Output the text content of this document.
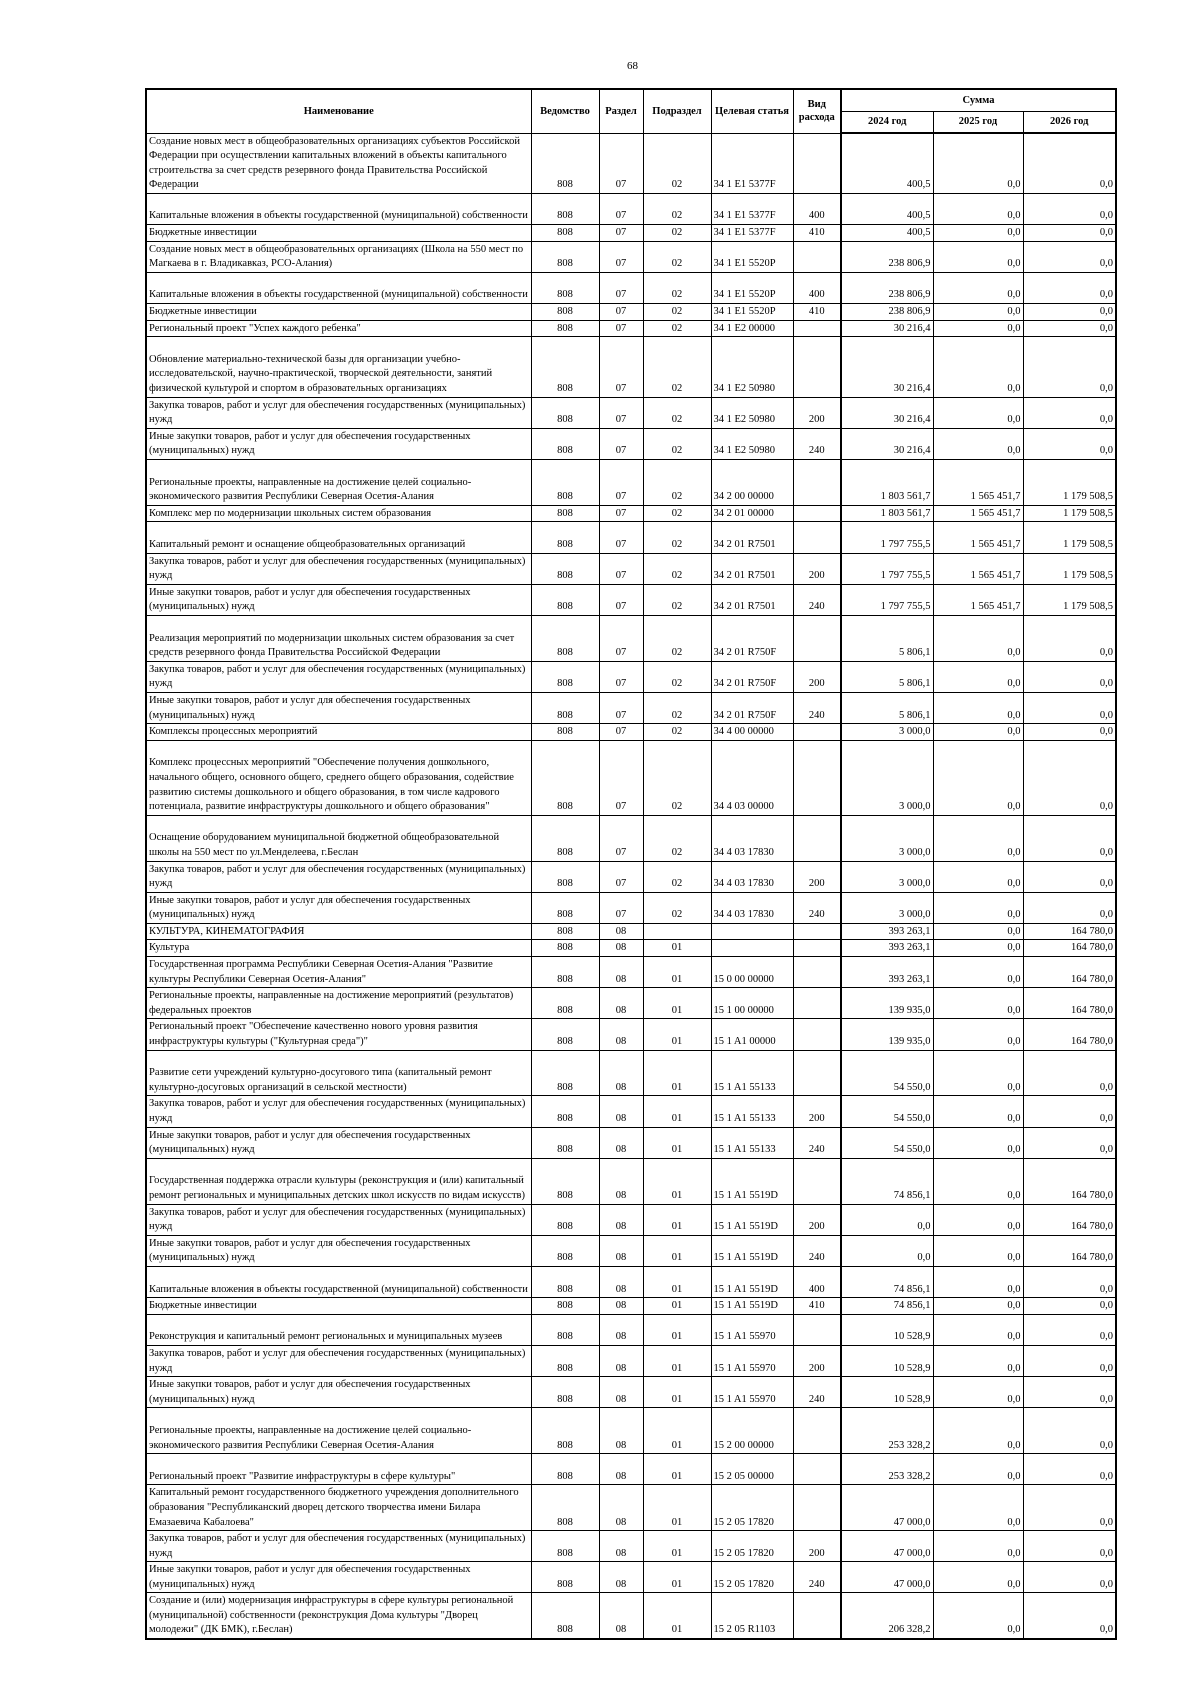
68
Наименование	Ведомство	Раздел	Подраздел	Целевая статья	Вид расхода	Сумма		
						2024 год	2025 год	2026 год
Создание новых мест в общеобразовательных организациях субъектов Российской Федерации при осуществлении капитальных вложений в объекты капитального строительства за счет средств резервного фонда Правительства Российской Федерации	808	07	02	34 1 E1 5377F		400,5	0,0	0,0
Капитальные вложения в объекты государственной (муниципальной) собственности	808	07	02	34 1 E1 5377F	400	400,5	0,0	0,0
Бюджетные инвестиции	808	07	02	34 1 E1 5377F	410	400,5	0,0	0,0
Создание новых мест в общеобразовательных организациях (Школа на 550 мест по Магкаева в г. Владикавказ, РСО-Алания)	808	07	02	34 1 E1 5520P		238 806,9	0,0	0,0
Капитальные вложения в объекты государственной (муниципальной) собственности	808	07	02	34 1 E1 5520P	400	238 806,9	0,0	0,0
Бюджетные инвестиции	808	07	02	34 1 E1 5520P	410	238 806,9	0,0	0,0
Региональный проект "Успех каждого ребенка"	808	07	02	34 1 E2 00000		30 216,4	0,0	0,0
Обновление материально-технической базы для организации учебно-исследовательской, научно-практической, творческой деятельности, занятий физической культурой и спортом в образовательных организациях	808	07	02	34 1 E2 50980		30 216,4	0,0	0,0
Закупка товаров, работ и услуг для обеспечения государственных (муниципальных) нужд	808	07	02	34 1 E2 50980	200	30 216,4	0,0	0,0
Иные закупки товаров, работ и услуг для обеспечения государственных (муниципальных) нужд	808	07	02	34 1 E2 50980	240	30 216,4	0,0	0,0
Региональные проекты, направленные на достижение целей социально-экономического развития Республики Северная Осетия-Алания	808	07	02	34 2 00 00000		1 803 561,7	1 565 451,7	1 179 508,5
Комплекс мер по модернизации школьных систем образования	808	07	02	34 2 01 00000		1 803 561,7	1 565 451,7	1 179 508,5
Капитальный ремонт и оснащение общеобразовательных организаций	808	07	02	34 2 01 R7501		1 797 755,5	1 565 451,7	1 179 508,5
Закупка товаров, работ и услуг для обеспечения государственных (муниципальных) нужд	808	07	02	34 2 01 R7501	200	1 797 755,5	1 565 451,7	1 179 508,5
Иные закупки товаров, работ и услуг для обеспечения государственных (муниципальных) нужд	808	07	02	34 2 01 R7501	240	1 797 755,5	1 565 451,7	1 179 508,5
Реализация мероприятий по модернизации школьных систем образования за счет средств резервного фонда Правительства Российской Федерации	808	07	02	34 2 01 R750F		5 806,1	0,0	0,0
Закупка товаров, работ и услуг для обеспечения государственных (муниципальных) нужд	808	07	02	34 2 01 R750F	200	5 806,1	0,0	0,0
Иные закупки товаров, работ и услуг для обеспечения государственных (муниципальных) нужд	808	07	02	34 2 01 R750F	240	5 806,1	0,0	0,0
Комплексы процессных мероприятий	808	07	02	34 4 00 00000		3 000,0	0,0	0,0
Комплекс процессных мероприятий "Обеспечение получения дошкольного, начального общего, основного общего, среднего общего образования, содействие развитию системы дошкольного и общего образования, в том числе кадрового потенциала, развитие инфраструктуры дошкольного и общего образования"	808	07	02	34 4 03 00000		3 000,0	0,0	0,0
Оснащение оборудованием муниципальной бюджетной общеобразовательной школы на 550 мест по ул.Менделеева, г.Беслан	808	07	02	34 4 03 17830		3 000,0	0,0	0,0
Закупка товаров, работ и услуг для обеспечения государственных (муниципальных) нужд	808	07	02	34 4 03 17830	200	3 000,0	0,0	0,0
Иные закупки товаров, работ и услуг для обеспечения государственных (муниципальных) нужд	808	07	02	34 4 03 17830	240	3 000,0	0,0	0,0
КУЛЬТУРА, КИНЕМАТОГРАФИЯ	808	08				393 263,1	0,0	164 780,0
Культура	808	08	01			393 263,1	0,0	164 780,0
Государственная программа Республики Северная Осетия-Алания "Развитие культуры Республики Северная Осетия-Алания"	808	08	01	15 0 00 00000		393 263,1	0,0	164 780,0
Региональные проекты, направленные на достижение мероприятий (результатов) федеральных проектов	808	08	01	15 1 00 00000		139 935,0	0,0	164 780,0
Региональный проект "Обеспечение качественно нового уровня развития инфраструктуры культуры ("Культурная среда")"	808	08	01	15 1 A1 00000		139 935,0	0,0	164 780,0
Развитие сети учреждений культурно-досугового типа (капитальный ремонт культурно-досуговых организаций в сельской местности)	808	08	01	15 1 A1 55133		54 550,0	0,0	0,0
Закупка товаров, работ и услуг для обеспечения государственных (муниципальных) нужд	808	08	01	15 1 A1 55133	200	54 550,0	0,0	0,0
Иные закупки товаров, работ и услуг для обеспечения государственных (муниципальных) нужд	808	08	01	15 1 A1 55133	240	54 550,0	0,0	0,0
Государственная поддержка отрасли культуры (реконструкция и (или) капитальный ремонт региональных и муниципальных детских школ искусств по видам искусств)	808	08	01	15 1 A1 5519D		74 856,1	0,0	164 780,0
Закупка товаров, работ и услуг для обеспечения государственных (муниципальных) нужд	808	08	01	15 1 A1 5519D	200	0,0	0,0	164 780,0
Иные закупки товаров, работ и услуг для обеспечения государственных (муниципальных) нужд	808	08	01	15 1 A1 5519D	240	0,0	0,0	164 780,0
Капитальные вложения в объекты государственной (муниципальной) собственности	808	08	01	15 1 A1 5519D	400	74 856,1	0,0	0,0
Бюджетные инвестиции	808	08	01	15 1 A1 5519D	410	74 856,1	0,0	0,0
Реконструкция и капитальный ремонт региональных и муниципальных музеев	808	08	01	15 1 A1 55970		10 528,9	0,0	0,0
Закупка товаров, работ и услуг для обеспечения государственных (муниципальных) нужд	808	08	01	15 1 A1 55970	200	10 528,9	0,0	0,0
Иные закупки товаров, работ и услуг для обеспечения государственных (муниципальных) нужд	808	08	01	15 1 A1 55970	240	10 528,9	0,0	0,0
Региональные проекты, направленные на достижение целей социально-экономического развития Республики Северная Осетия-Алания	808	08	01	15 2 00 00000		253 328,2	0,0	0,0
Региональный проект "Развитие инфраструктуры в сфере культуры"	808	08	01	15 2 05 00000		253 328,2	0,0	0,0
Капитальный ремонт государственного бюджетного учреждения дополнительного образования "Республиканский дворец детского творчества имени Билара Емазаевича Кабалоева"	808	08	01	15 2 05 17820		47 000,0	0,0	0,0
Закупка товаров, работ и услуг для обеспечения государственных (муниципальных) нужд	808	08	01	15 2 05 17820	200	47 000,0	0,0	0,0
Иные закупки товаров, работ и услуг для обеспечения государственных (муниципальных) нужд	808	08	01	15 2 05 17820	240	47 000,0	0,0	0,0
Создание и (или) модернизация инфраструктуры в сфере культуры региональной (муниципальной) собственности (реконструкция Дома культуры "Дворец молодежи" (ДК БМК), г.Беслан)	808	08	01	15 2 05 R1103		206 328,2	0,0	0,0
